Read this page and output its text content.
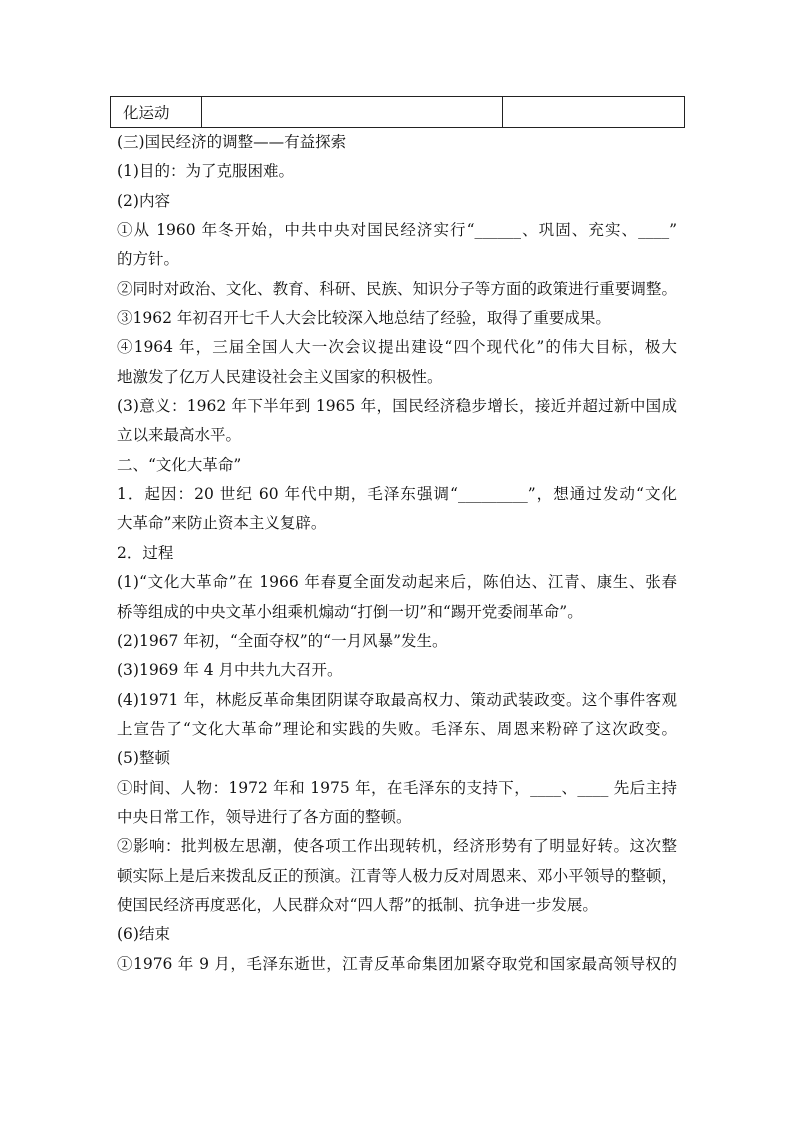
化运动		
(三)国民经济的调整——有益探索
(1)目的：为了克服困难。
(2)内容
①从 1960 年冬开始，中共中央对国民经济实行“______、巩固、充实、____”
的方针。
②同时对政治、文化、教育、科研、民族、知识分子等方面的政策进行重要调整。
③1962 年初召开七千人大会比较深入地总结了经验，取得了重要成果。
④1964 年，三届全国人大一次会议提出建设“四个现代化”的伟大目标，极大
地激发了亿万人民建设社会主义国家的积极性。
(3)意义：1962 年下半年到 1965 年，国民经济稳步增长，接近并超过新中国成
立以来最高水平。
二、“文化大革命”
1．起因：20 世纪 60 年代中期，毛泽东强调“_________”，想通过发动“文化
大革命”来防止资本主义复辟。
2．过程
(1)“文化大革命”在 1966 年春夏全面发动起来后，陈伯达、江青、康生、张春
桥等组成的中央文革小组乘机煽动“打倒一切”和“踢开党委闹革命”。
(2)1967 年初，“全面夺权”的“一月风暴”发生。
(3)1969 年 4 月中共九大召开。
(4)1971 年，林彪反革命集团阴谋夺取最高权力、策动武装政变。这个事件客观
上宣告了“文化大革命”理论和实践的失败。毛泽东、周恩来粉碎了这次政变。
(5)整顿
①时间、人物：1972 年和 1975 年，在毛泽东的支持下，____、____ 先后主持
中央日常工作，领导进行了各方面的整顿。
②影响：批判极左思潮，使各项工作出现转机，经济形势有了明显好转。这次整
顿实际上是后来拨乱反正的预演。江青等人极力反对周恩来、邓小平领导的整顿，
使国民经济再度恶化，人民群众对“四人帮”的抵制、抗争进一步发展。
(6)结束
①1976 年 9 月，毛泽东逝世，江青反革命集团加紧夺取党和国家最高领导权的
